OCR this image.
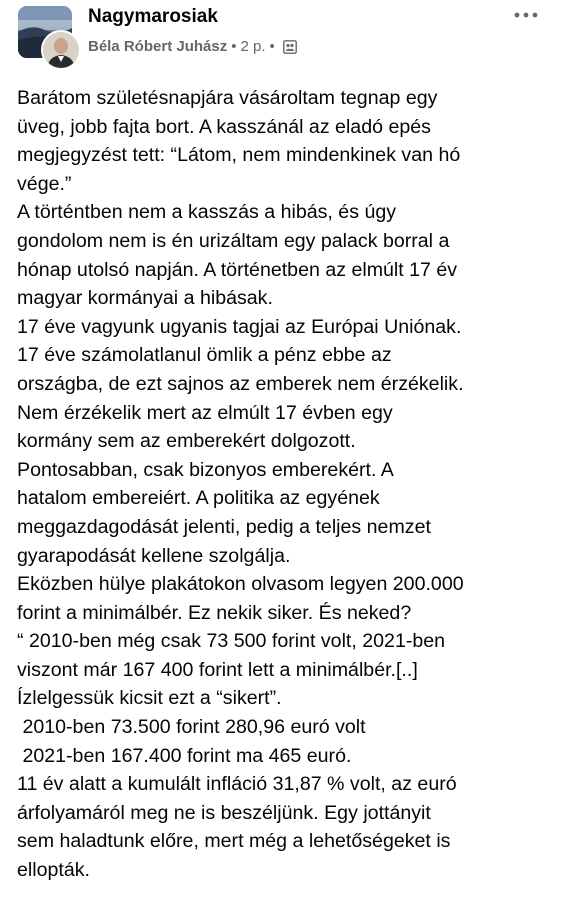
Nagymarosiak
Béla Róbert Juhász • 2 p. •
Barátom születésnapjára vásároltam tegnap egy
üveg, jobb fajta bort. A kasszánál az eladó epés
megjegyzést tett: “Látom, nem mindenkinek van hó
vége.”
A történtben nem a kasszás a hibás, és úgy
gondolom nem is én urizáltam egy palack borral a
hónap utolsó napján. A történetben az elmúlt 17 év
magyar kormányai a hibásak.
17 éve vagyunk ugyanis tagjai az Európai Uniónak.
17 éve számolatlanul ömlik a pénz ebbe az
országba, de ezt sajnos az emberek nem érzékelik.
Nem érzékelik mert az elmúlt 17 évben egy
kormány sem az emberekért dolgozott.
Pontosabban, csak bizonyos emberekért. A
hatalom embereiért. A politika az egyének
meggazdagodását jelenti, pedig a teljes nemzet
gyarapodását kellene szolgálja.
Eközben hülye plakátokon olvasom legyen 200.000
forint a minimálbér. Ez nekik siker. És neked?
“ 2010-ben még csak 73 500 forint volt, 2021-ben
viszont már 167 400 forint lett a minimálbér.[..]
Ízlelgessük kicsit ezt a “sikert”.
2010-ben 73.500 forint 280,96 euró volt
2021-ben 167.400 forint ma 465 euró.
11 év alatt a kumulált infláció 31,87 % volt, az euró
árfolyamáról meg ne is beszéljünk. Egy jottányit
sem haladtunk előre, mert még a lehetőségeket is
ellopták.
